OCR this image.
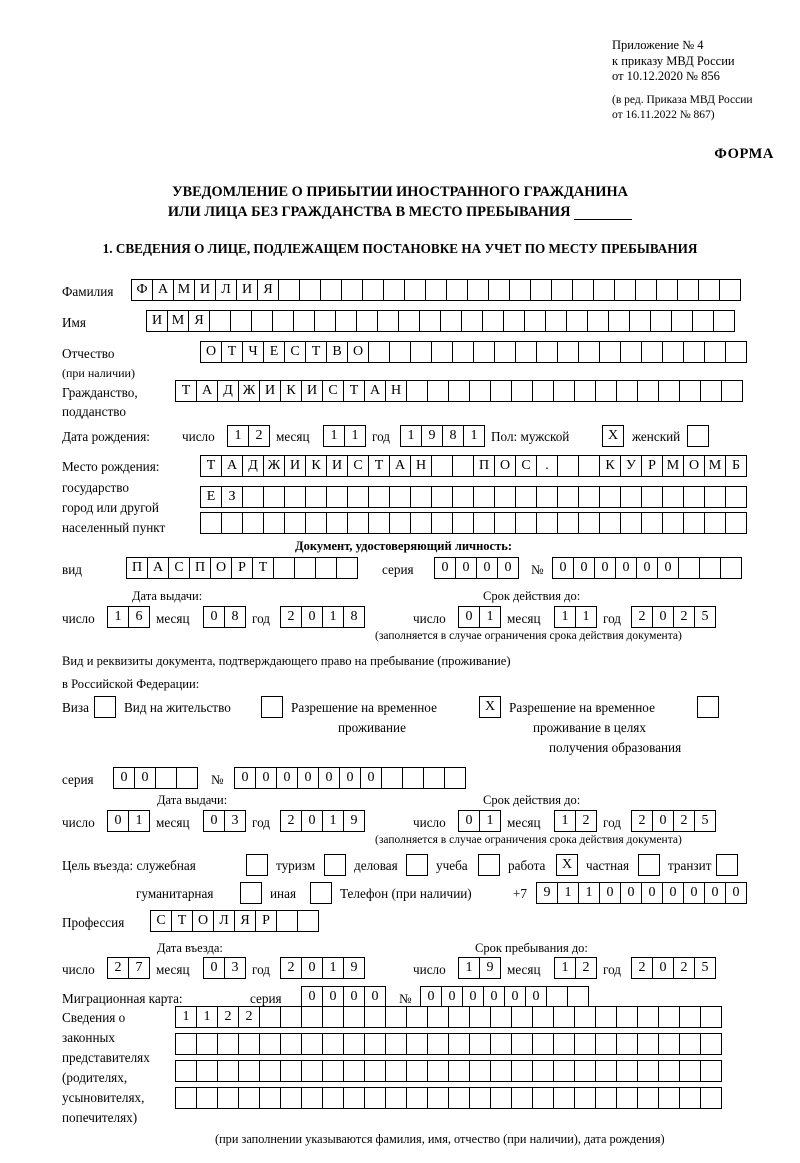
Приложение № 4
к приказу МВД России
от 10.12.2020 № 856
(в ред. Приказа МВД России
от 16.11.2022 № 867)
ФОРМА
УВЕДОМЛЕНИЕ О ПРИБЫТИИ ИНОСТРАННОГО ГРАЖДАНИНА
ИЛИ ЛИЦА БЕЗ ГРАЖДАНСТВА В МЕСТО ПРЕБЫВАНИЯ
1. СВЕДЕНИЯ О ЛИЦЕ, ПОДЛЕЖАЩЕМ ПОСТАНОВКЕ НА УЧЕТ ПО МЕСТУ ПРЕБЫВАНИЯ
Фамилия	Ф А М И Л И Я
Имя	И М Я
Отчество
(при наличии)
О Т Ч Е С Т В О
Гражданство,
подданство
Т А Д Ж И К И С Т А Н
Дата рождения: число	1	2	месяц	1	1	год	1	9	8	1	Пол: мужской	X	женский
Место рождения:
государство
город или другой
населенный пункт
Т А Д Ж И К И С Т А Н	П О С	.	К У Р М О М Б
Е З
Документ, удостоверяющий личность:
вид	П А С П О Р Т	серия	0	0	0	0	№	0	0	0	0	0	0
Дата выдачи:	Срок действия до:
число	1	6	месяц	0	8	год	2	0	1	8	число	0	1	месяц	1	1	год	2	0	2	5
(заполняется в случае ограничения срока действия документа)
Вид и реквизиты документа, подтверждающего право на пребывание (проживание)
в Российской Федерации:
Виза	Вид на жительство	Разрешение на временное
проживание
X	Разрешение на временное
проживание в целях
получения образования
серия	0	0	№	0	0	0	0	0	0	0
Дата выдачи:	Срок действия до:
число	0	1	месяц	0	3	год	2	0	1	9	число	0	1	месяц	1	2	год	2	0	2	5
(заполняется в случае ограничения срока действия документа)
Цель въезда: служебная	туризм	деловая	учеба	работа	X	частная	транзит
гуманитарная	иная	Телефон (при наличии)	+7	9	1	1	0	0	0	0	0	0	0
Профессия	С Т О Л Я Р
Дата въезда:	Срок пребывания до:
число	2	7	месяц	0	3	год	2	0	1	9	число	1	9	месяц	1	2	год	2	0	2	5
Миграционная карта:	серия	0	0	0	0	№	0	0	0	0	0	0
Сведения о
законных
представителях
(родителях,
усыновителях,
попечителях)
1	1	2	2
(при заполнении указываются фамилия, имя, отчество (при наличии), дата рождения)
